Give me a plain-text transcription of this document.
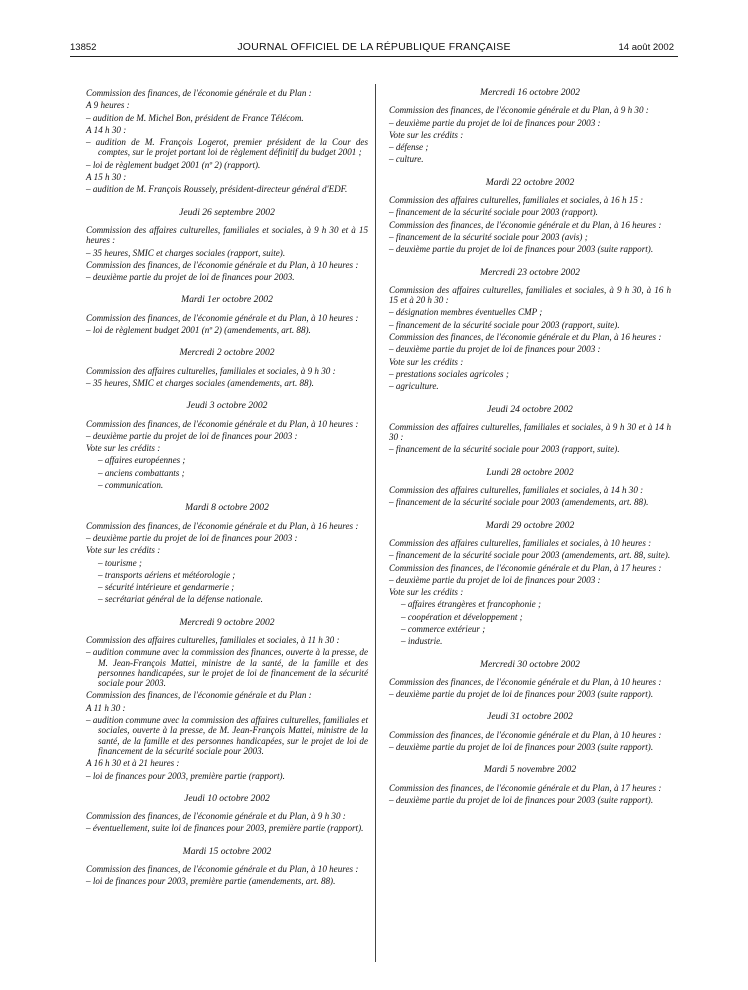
13852	JOURNAL OFFICIEL DE LA RÉPUBLIQUE FRANÇAISE	14 août 2002
Commission des finances, de l'économie générale et du Plan :
A 9 heures :
– audition de M. Michel Bon, président de France Télécom.
A 14 h 30 :
– audition de M. François Logerot, premier président de la Cour des comptes, sur le projet portant loi de règlement définitif du budget 2001 ;
– loi de règlement budget 2001 (nº 2) (rapport).
A 15 h 30 :
– audition de M. François Roussely, président-directeur général d'EDF.
Jeudi 26 septembre 2002
Commission des affaires culturelles, familiales et sociales, à 9 h 30 et à 15 heures :
– 35 heures, SMIC et charges sociales (rapport, suite).
Commission des finances, de l'économie générale et du Plan, à 10 heures :
– deuxième partie du projet de loi de finances pour 2003.
Mardi 1er octobre 2002
Commission des finances, de l'économie générale et du Plan, à 10 heures :
– loi de règlement budget 2001 (nº 2) (amendements, art. 88).
Mercredi 2 octobre 2002
Commission des affaires culturelles, familiales et sociales, à 9 h 30 :
– 35 heures, SMIC et charges sociales (amendements, art. 88).
Jeudi 3 octobre 2002
Commission des finances, de l'économie générale et du Plan, à 10 heures :
– deuxième partie du projet de loi de finances pour 2003 :
Vote sur les crédits :
– affaires européennes ;
– anciens combattants ;
– communication.
Mardi 8 octobre 2002
Commission des finances, de l'économie générale et du Plan, à 16 heures :
– deuxième partie du projet de loi de finances pour 2003 :
Vote sur les crédits :
– tourisme ;
– transports aériens et météorologie ;
– sécurité intérieure et gendarmerie ;
– secrétariat général de la défense nationale.
Mercredi 9 octobre 2002
Commission des affaires culturelles, familiales et sociales, à 11 h 30 :
– audition commune avec la commission des finances, ouverte à la presse, de M. Jean-François Mattei, ministre de la santé, de la famille et des personnes handicapées, sur le projet de loi de financement de la sécurité sociale pour 2003.
Commission des finances, de l'économie générale et du Plan :
A 11 h 30 :
– audition commune avec la commission des affaires culturelles, familiales et sociales, ouverte à la presse, de M. Jean-François Mattei, ministre de la santé, de la famille et des personnes handicapées, sur le projet de loi de financement de la sécurité sociale pour 2003.
A 16 h 30 et à 21 heures :
– loi de finances pour 2003, première partie (rapport).
Jeudi 10 octobre 2002
Commission des finances, de l'économie générale et du Plan, à 9 h 30 :
– éventuellement, suite loi de finances pour 2003, première partie (rapport).
Mardi 15 octobre 2002
Commission des finances, de l'économie générale et du Plan, à 10 heures :
– loi de finances pour 2003, première partie (amendements, art. 88).
Mercredi 16 octobre 2002
Commission des finances, de l'économie générale et du Plan, à 9 h 30 :
– deuxième partie du projet de loi de finances pour 2003 :
Vote sur les crédits :
– défense ;
– culture.
Mardi 22 octobre 2002
Commission des affaires culturelles, familiales et sociales, à 16 h 15 :
– financement de la sécurité sociale pour 2003 (rapport).
Commission des finances, de l'économie générale et du Plan, à 16 heures :
– financement de la sécurité sociale pour 2003 (avis) ;
– deuxième partie du projet de loi de finances pour 2003 (suite rapport).
Mercredi 23 octobre 2002
Commission des affaires culturelles, familiales et sociales, à 9 h 30, à 16 h 15 et à 20 h 30 :
– désignation membres éventuelles CMP ;
– financement de la sécurité sociale pour 2003 (rapport, suite).
Commission des finances, de l'économie générale et du Plan, à 16 heures :
– deuxième partie du projet de loi de finances pour 2003 :
Vote sur les crédits :
– prestations sociales agricoles ;
– agriculture.
Jeudi 24 octobre 2002
Commission des affaires culturelles, familiales et sociales, à 9 h 30 et à 14 h 30 :
– financement de la sécurité sociale pour 2003 (rapport, suite).
Lundi 28 octobre 2002
Commission des affaires culturelles, familiales et sociales, à 14 h 30 :
– financement de la sécurité sociale pour 2003 (amendements, art. 88).
Mardi 29 octobre 2002
Commission des affaires culturelles, familiales et sociales, à 10 heures :
– financement de la sécurité sociale pour 2003 (amendements, art. 88, suite).
Commission des finances, de l'économie générale et du Plan, à 17 heures :
– deuxième partie du projet de loi de finances pour 2003 :
Vote sur les crédits :
– affaires étrangères et francophonie ;
– coopération et développement ;
– commerce extérieur ;
– industrie.
Mercredi 30 octobre 2002
Commission des finances, de l'économie générale et du Plan, à 10 heures :
– deuxième partie du projet de loi de finances pour 2003 (suite rapport).
Jeudi 31 octobre 2002
Commission des finances, de l'économie générale et du Plan, à 10 heures :
– deuxième partie du projet de loi de finances pour 2003 (suite rapport).
Mardi 5 novembre 2002
Commission des finances, de l'économie générale et du Plan, à 17 heures :
– deuxième partie du projet de loi de finances pour 2003 (suite rapport).
